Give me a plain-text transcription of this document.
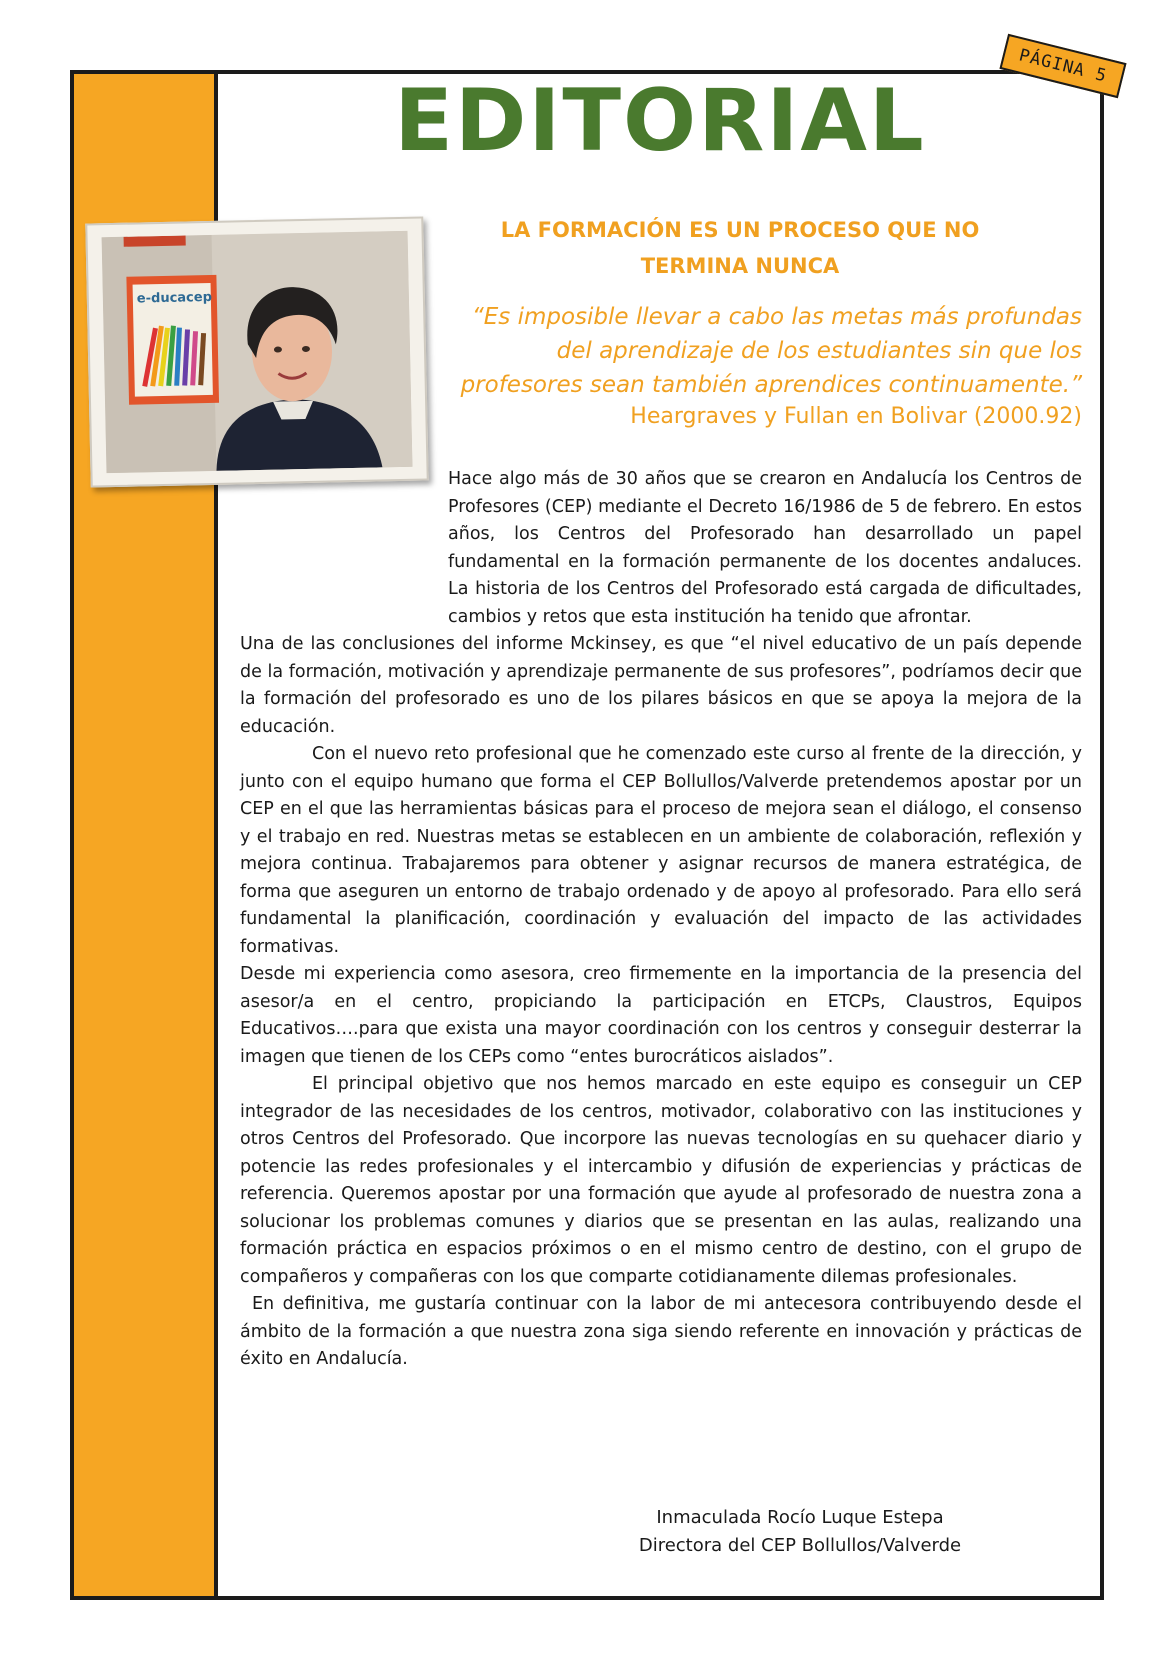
PÁGINA 5
EDITORIAL
e-ducacep
LA FORMACIÓN ES UN PROCESO QUE NO
TERMINA NUNCA
“Es imposible llevar a cabo las metas más profundas
del aprendizaje de los estudiantes sin que los
profesores sean también aprendices continuamente.”
Heargraves y Fullan en Bolivar (2000.92)

Hace algo más de 30 años que se crearon en Andalucía los Centros de Profesores (CEP) mediante el Decreto 16/1986 de 5 de febrero. En estos años, los Centros del Profesorado han desarrollado un papel fundamental en la formación permanente de los docentes andaluces. La historia de los Centros del Profesorado está cargada de dificultades, cambios y retos que esta institución ha tenido que afrontar.

Una de las conclusiones del informe Mckinsey, es que “el nivel educativo de un país depende de la formación, motivación y aprendizaje permanente de sus profesores”, podríamos decir que la formación del profesorado es uno de los pilares básicos en que se apoya la mejora de la educación.

Con el nuevo reto profesional que he comenzado este curso al frente de la dirección, y junto con el equipo humano que forma el CEP Bollullos/Valverde pretendemos apostar por un CEP en el que las herramientas básicas para el proceso de mejora sean el diálogo, el consenso y el trabajo en red. Nuestras metas se establecen en un ambiente de colaboración, reflexión y mejora continua. Trabajaremos para obtener y asignar recursos de manera estratégica, de forma que aseguren un entorno de trabajo ordenado y de apoyo al profesorado. Para ello será fundamental la planificación, coordinación y evaluación del impacto de las actividades formativas.

Desde mi experiencia como asesora, creo firmemente en la importancia de la presencia del asesor/a en el centro, propiciando la participación en ETCPs, Claustros, Equipos Educativos….para que exista una mayor coordinación con los centros y conseguir desterrar la imagen que tienen de los CEPs como “entes burocráticos aislados”.

El principal objetivo que nos hemos marcado en este equipo es conseguir un CEP integrador de las necesidades de los centros, motivador, colaborativo con las instituciones y otros Centros del Profesorado. Que incorpore las nuevas tecnologías en su quehacer diario y potencie las redes profesionales y el intercambio y difusión de experiencias y prácticas de referencia. Queremos apostar por una formación que ayude al profesorado de nuestra zona a solucionar los problemas comunes y diarios que se presentan en las aulas, realizando una formación práctica en espacios próximos o en el mismo centro de destino, con el grupo de compañeros y compañeras con los que comparte cotidianamente dilemas profesionales.

En definitiva, me gustaría continuar con la labor de mi antecesora contribuyendo desde el ámbito de la formación a que nuestra zona siga siendo referente en innovación y prácticas de éxito en Andalucía.

Inmaculada Rocío Luque Estepa
Directora del CEP Bollullos/Valverde
